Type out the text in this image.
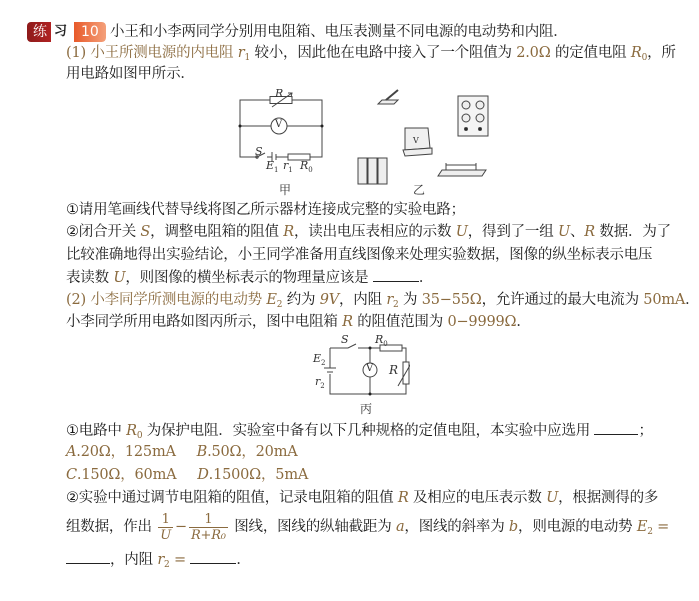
练 习	10 小王和小李两同学分别用电阻箱、电压表测量不同电源的电动势和内阻．
(1) 小王所测电源的内电阻 $r_1$ 较小，因此他在电路中接入了一个阻值为 2.0Ω 的定值电阻 $R_0$，所
用电路如图甲所示．
R
V
S
$E_1$ $r_1$ $R_0$
甲
V
乙
①请用笔画线代替导线将图乙所示器材连接成完整的实验电路；
②闭合开关 S，调整电阻箱的阻值 R，读出电压表相应的示数 U，得到了一组 U、R 数据．为了
比较准确地得出实验结论，小王同学准备用直线图像来处理实验数据，图像的纵坐标表示电压
表读数 U，则图像的横坐标表示的物理量应该是	．
(2) 小李同学所测电源的电动势 $E_2$ 约为 9V，内阻 $r_2$ 为 35−55Ω，允许通过的最大电流为 50mA．
小李同学所用电路如图丙所示，图中电阻箱 R 的阻值范围为 0−9999Ω．
S $R_0$
$E_2$
$r_2$
V R
丙
①电路中 $R_0$ 为保护电阻．实验室中备有以下几种规格的定值电阻，本实验中应选用	；
A.20Ω，125mA B.50Ω，20mA
C.150Ω，60mA D.1500Ω，5mA
②实验中通过调节电阻箱的阻值，记录电阻箱的阻值 R 及相应的电压表示数 U，根据测得的多
组数据，作出 $\frac{1}{U} - \frac{1}{\text{R+R₀}}$ 图线，图线的纵轴截距为 a，图线的斜率为 b，则电源的电动势 $E_2$ =
，内阻 $r_2$ =	．
